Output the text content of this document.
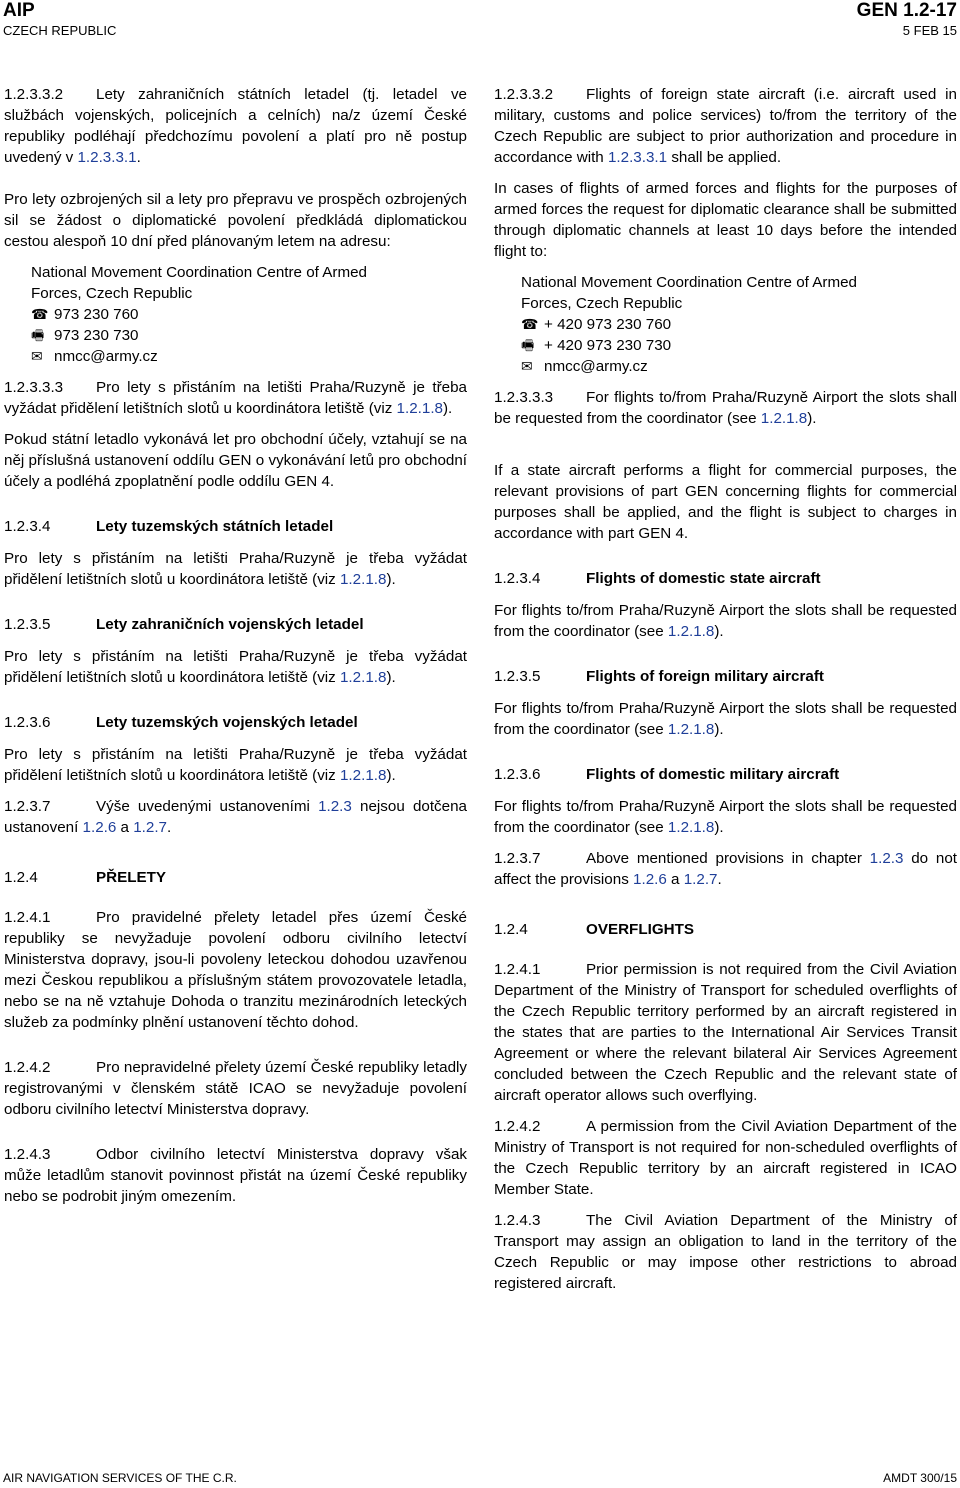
AIP
CZECH REPUBLIC
GEN 1.2-17
5 FEB 15

1.2.3.3.2 Lety zahraničních státních letadel (tj. letadel ve službách vojenských, policejních a celních) na/z území České republiky podléhají předchozímu povolení a platí pro ně postup uvedený v 1.2.3.3.1.

Pro lety ozbrojených sil a lety pro přepravu ve prospěch ozbrojených sil se žádost o diplomatické povolení předkládá diplomatickou cestou alespoň 10 dní před plánovaným letem na adresu:

National Movement Coordination Centre of Armed
Forces, Czech Republic
☎ 973 230 760
🖷 973 230 730
✉ nmcc@army.cz

1.2.3.3.3 Pro lety s přistáním na letišti Praha/Ruzyně je třeba vyžádat přidělení letištních slotů u koordinátora letiště (viz 1.2.1.8).

Pokud státní letadlo vykonává let pro obchodní účely, vztahují se na něj příslušná ustanovení oddílu GEN o vykonávání letů pro obchodní účely a podléhá zpoplatnění podle oddílu GEN 4.

1.2.3.4	Lety tuzemských státních letadel

Pro lety s přistáním na letišti Praha/Ruzyně je třeba vyžádat přidělení letištních slotů u koordinátora letiště (viz 1.2.1.8).

1.2.3.5	Lety zahraničních vojenských letadel

Pro lety s přistáním na letišti Praha/Ruzyně je třeba vyžádat přidělení letištních slotů u koordinátora letiště (viz 1.2.1.8).

1.2.3.6	Lety tuzemských vojenských letadel

Pro lety s přistáním na letišti Praha/Ruzyně je třeba vyžádat přidělení letištních slotů u koordinátora letiště (viz 1.2.1.8).

1.2.3.7	Výše uvedenými ustanoveními 1.2.3 nejsou dotčena ustanovení 1.2.6 a 1.2.7.

1.2.4	PŘELETY

1.2.4.1	Pro pravidelné přelety letadel přes území České republiky se nevyžaduje povolení odboru civilního letectví Ministerstva dopravy, jsou-li povoleny leteckou dohodou uzavřenou mezi Českou republikou a příslušným státem provozovatele letadla, nebo se na ně vztahuje Dohoda o tranzitu mezinárodních leteckých služeb za podmínky plnění ustanovení těchto dohod.

1.2.4.2	Pro nepravidelné přelety území České republiky letadly registrovanými v členském státě ICAO se nevyžaduje povolení odboru civilního letectví Ministerstva dopravy.

1.2.4.3	Odbor civilního letectví Ministerstva dopravy však může letadlům stanovit povinnost přistát na území České republiky nebo se podrobit jiným omezením.

1.2.3.3.2 Flights of foreign state aircraft (i.e. aircraft used in military, customs and police services) to/from the territory of the Czech Republic are subject to prior authorization and procedure in accordance with 1.2.3.3.1 shall be applied.

In cases of flights of armed forces and flights for the purposes of armed forces the request for diplomatic clearance shall be submitted through diplomatic channels at least 10 days before the intended flight to:

National Movement Coordination Centre of Armed
Forces, Czech Republic
☎ + 420 973 230 760
🖷 + 420 973 230 730
✉ nmcc@army.cz

1.2.3.3.3 For flights to/from Praha/Ruzyně Airport the slots shall be requested from the coordinator (see 1.2.1.8).

If a state aircraft performs a flight for commercial purposes, the relevant provisions of part GEN concerning flights for commercial purposes shall be applied, and the flight is subject to charges in accordance with part GEN 4.

1.2.3.4	Flights of domestic state aircraft

For flights to/from Praha/Ruzyně Airport the slots shall be requested from the coordinator (see 1.2.1.8).

1.2.3.5	Flights of foreign military aircraft

For flights to/from Praha/Ruzyně Airport the slots shall be requested from the coordinator (see 1.2.1.8).

1.2.3.6	Flights of domestic military aircraft

For flights to/from Praha/Ruzyně Airport the slots shall be requested from the coordinator (see 1.2.1.8).

1.2.3.7	Above mentioned provisions in chapter 1.2.3 do not affect the provisions 1.2.6 a 1.2.7.

1.2.4	OVERFLIGHTS

1.2.4.1	Prior permission is not required from the Civil Aviation Department of the Ministry of Transport for scheduled overflights of the Czech Republic territory performed by an aircraft registered in the states that are parties to the International Air Services Transit Agreement or where the relevant bilateral Air Services Agreement concluded between the Czech Republic and the relevant state of aircraft operator allows such overflying.

1.2.4.2	A permission from the Civil Aviation Department of the Ministry of Transport is not required for non-scheduled overflights of the Czech Republic territory by an aircraft registered in ICAO Member State.

1.2.4.3	The Civil Aviation Department of the Ministry of Transport may assign an obligation to land in the territory of the Czech Republic or may impose other restrictions to abroad registered aircraft.

AIR NAVIGATION SERVICES OF THE C.R.	AMDT 300/15
